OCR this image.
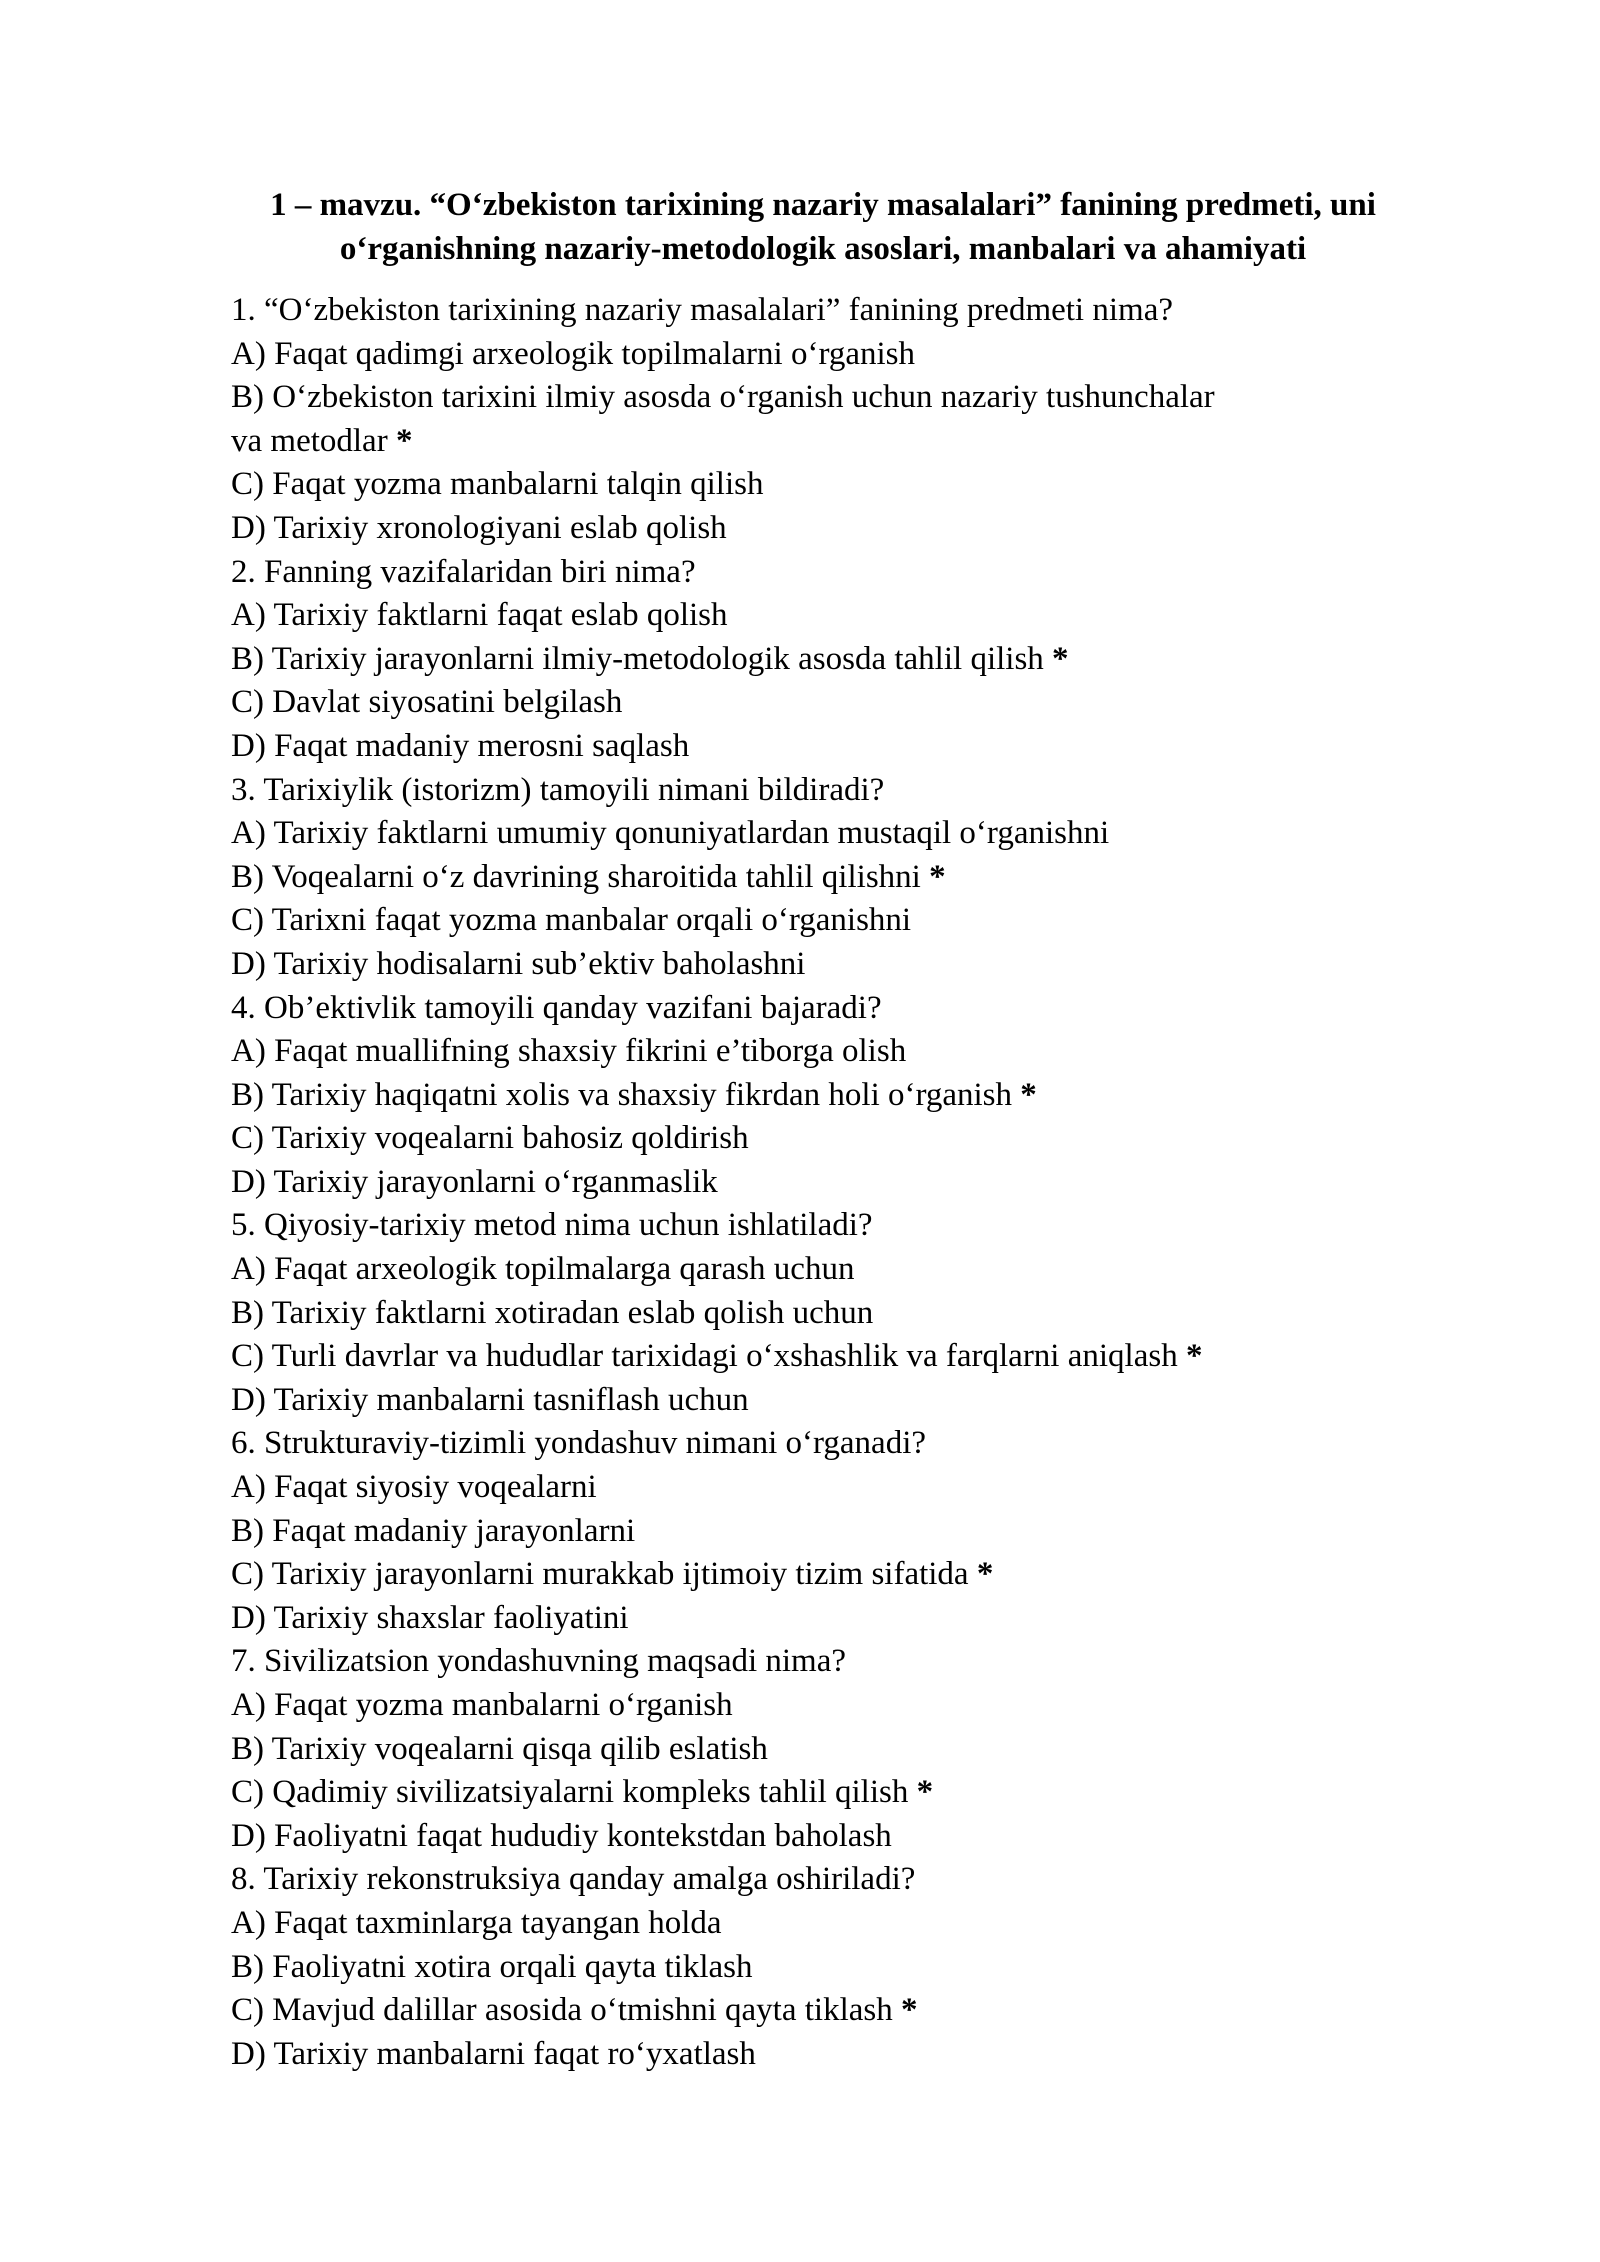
1 – mavzu. “O‘zbekiston tarixining nazariy masalalari” fanining predmeti, uni
o‘rganishning nazariy-metodologik asoslari, manbalari va ahamiyati
1. “O‘zbekiston tarixining nazariy masalalari” fanining predmeti nima?
A) Faqat qadimgi arxeologik topilmalarni o‘rganish
B) O‘zbekiston tarixini ilmiy asosda o‘rganish uchun nazariy tushunchalar
va metodlar *
C) Faqat yozma manbalarni talqin qilish
D) Tarixiy xronologiyani eslab qolish
2. Fanning vazifalaridan biri nima?
A) Tarixiy faktlarni faqat eslab qolish
B) Tarixiy jarayonlarni ilmiy-metodologik asosda tahlil qilish *
C) Davlat siyosatini belgilash
D) Faqat madaniy merosni saqlash
3. Tarixiylik (istorizm) tamoyili nimani bildiradi?
A) Tarixiy faktlarni umumiy qonuniyatlardan mustaqil o‘rganishni
B) Voqealarni o‘z davrining sharoitida tahlil qilishni *
C) Tarixni faqat yozma manbalar orqali o‘rganishni
D) Tarixiy hodisalarni sub’ektiv baholashni
4. Ob’ektivlik tamoyili qanday vazifani bajaradi?
A) Faqat muallifning shaxsiy fikrini e’tiborga olish
B) Tarixiy haqiqatni xolis va shaxsiy fikrdan holi o‘rganish *
C) Tarixiy voqealarni bahosiz qoldirish
D) Tarixiy jarayonlarni o‘rganmaslik
5. Qiyosiy-tarixiy metod nima uchun ishlatiladi?
A) Faqat arxeologik topilmalarga qarash uchun
B) Tarixiy faktlarni xotiradan eslab qolish uchun
C) Turli davrlar va hududlar tarixidagi o‘xshashlik va farqlarni aniqlash *
D) Tarixiy manbalarni tasniflash uchun
6. Strukturaviy-tizimli yondashuv nimani o‘rganadi?
A) Faqat siyosiy voqealarni
B) Faqat madaniy jarayonlarni
C) Tarixiy jarayonlarni murakkab ijtimoiy tizim sifatida *
D) Tarixiy shaxslar faoliyatini
7. Sivilizatsion yondashuvning maqsadi nima?
A) Faqat yozma manbalarni o‘rganish
B) Tarixiy voqealarni qisqa qilib eslatish
C) Qadimiy sivilizatsiyalarni kompleks tahlil qilish *
D) Faoliyatni faqat hududiy kontekstdan baholash
8. Tarixiy rekonstruksiya qanday amalga oshiriladi?
A) Faqat taxminlarga tayangan holda
B) Faoliyatni xotira orqali qayta tiklash
C) Mavjud dalillar asosida o‘tmishni qayta tiklash *
D) Tarixiy manbalarni faqat ro‘yxatlash
